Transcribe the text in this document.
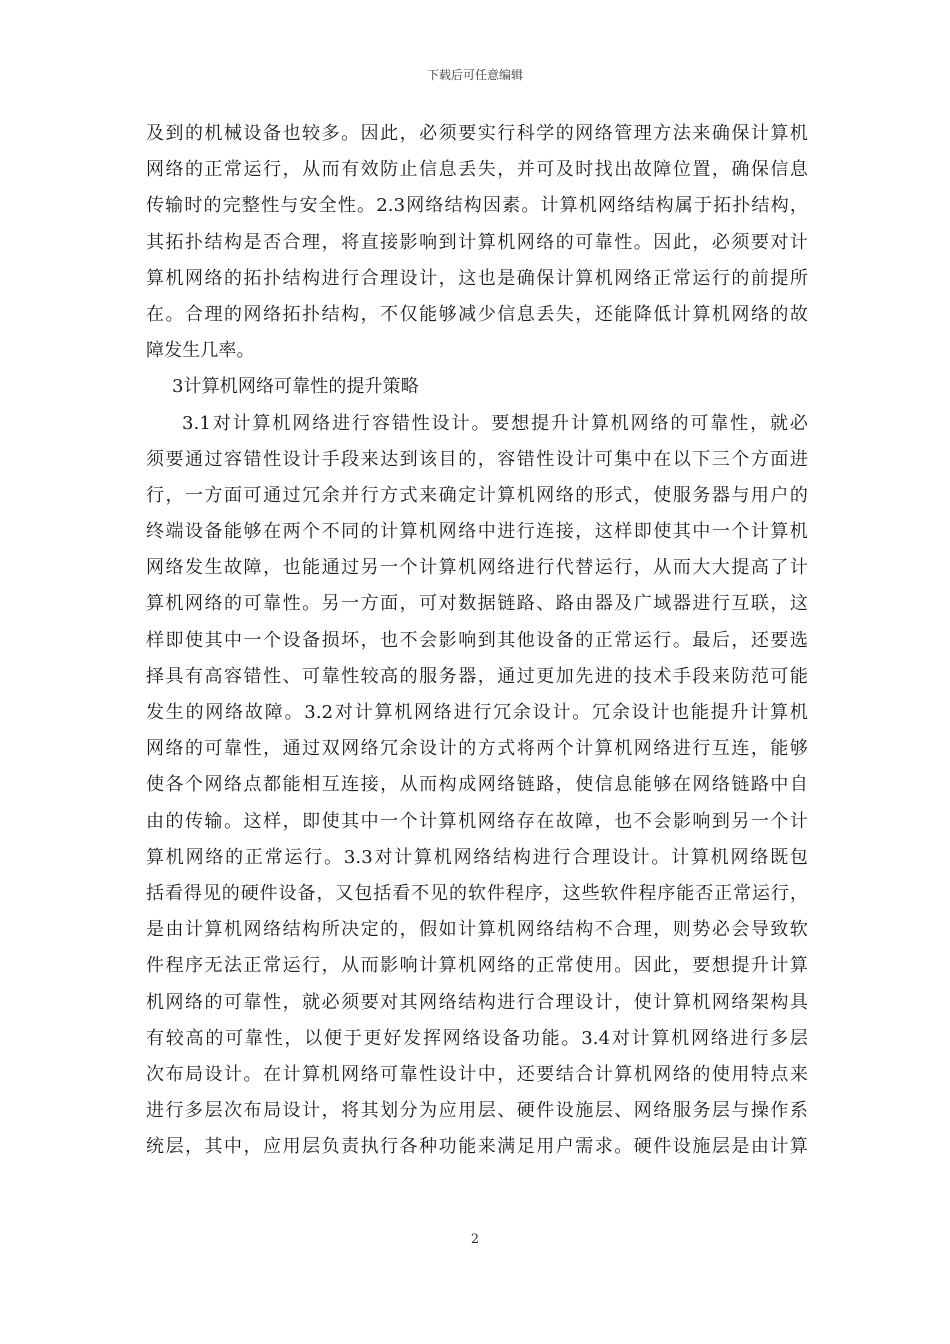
下载后可任意编辑
及到的机械设备也较多。因此，必须要实行科学的网络管理方法来确保计算机
网络的正常运行，从而有效防止信息丢失，并可及时找出故障位置，确保信息
传输时的完整性与安全性。2.3网络结构因素。计算机网络结构属于拓扑结构，
其拓扑结构是否合理，将直接影响到计算机网络的可靠性。因此，必须要对计
算机网络的拓扑结构进行合理设计，这也是确保计算机网络正常运行的前提所
在。合理的网络拓扑结构，不仅能够减少信息丢失，还能降低计算机网络的故
障发生几率。
3计算机网络可靠性的提升策略
3.1对计算机网络进行容错性设计。要想提升计算机网络的可靠性，就必
须要通过容错性设计手段来达到该目的，容错性设计可集中在以下三个方面进
行，一方面可通过冗余并行方式来确定计算机网络的形式，使服务器与用户的
终端设备能够在两个不同的计算机网络中进行连接，这样即使其中一个计算机
网络发生故障，也能通过另一个计算机网络进行代替运行，从而大大提高了计
算机网络的可靠性。另一方面，可对数据链路、路由器及广域器进行互联，这
样即使其中一个设备损坏，也不会影响到其他设备的正常运行。最后，还要选
择具有高容错性、可靠性较高的服务器，通过更加先进的技术手段来防范可能
发生的网络故障。3.2对计算机网络进行冗余设计。冗余设计也能提升计算机
网络的可靠性，通过双网络冗余设计的方式将两个计算机网络进行互连，能够
使各个网络点都能相互连接，从而构成网络链路，使信息能够在网络链路中自
由的传输。这样，即使其中一个计算机网络存在故障，也不会影响到另一个计
算机网络的正常运行。3.3对计算机网络结构进行合理设计。计算机网络既包
括看得见的硬件设备，又包括看不见的软件程序，这些软件程序能否正常运行，
是由计算机网络结构所决定的，假如计算机网络结构不合理，则势必会导致软
件程序无法正常运行，从而影响计算机网络的正常使用。因此，要想提升计算
机网络的可靠性，就必须要对其网络结构进行合理设计，使计算机网络架构具
有较高的可靠性，以便于更好发挥网络设备功能。3.4对计算机网络进行多层
次布局设计。在计算机网络可靠性设计中，还要结合计算机网络的使用特点来
进行多层次布局设计，将其划分为应用层、硬件设施层、网络服务层与操作系
统层，其中，应用层负责执行各种功能来满足用户需求。硬件设施层是由计算
2
